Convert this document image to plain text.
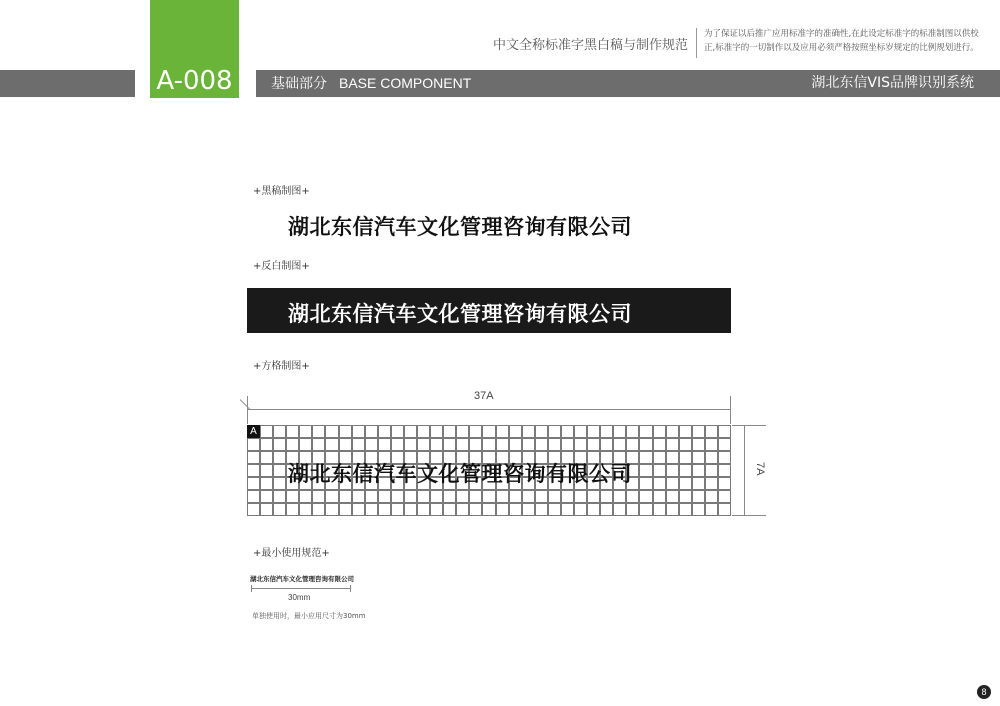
A-008	基础部分 BASE COMPONENT	湖北东信VIS品牌识别系统
中文全称标准字黑白稿与制作规范
为了保证以后推广应用标准字的准确性,在此设定标准字的标准制图以供校正,标准字的一切制作以及应用必须严格按照坐标岁规定的比例规划进行。
+黑稿制图+
湖北东信汽车文化管理咨询有限公司
+反白制图+
湖北东信汽车文化管理咨询有限公司
+方格制图+
37A
7A
A
湖北东信汽车文化管理咨询有限公司
+最小使用规范+
湖北东信汽车文化管理咨询有限公司
30mm
单独使用时，最小应用尺寸为30mm
8
